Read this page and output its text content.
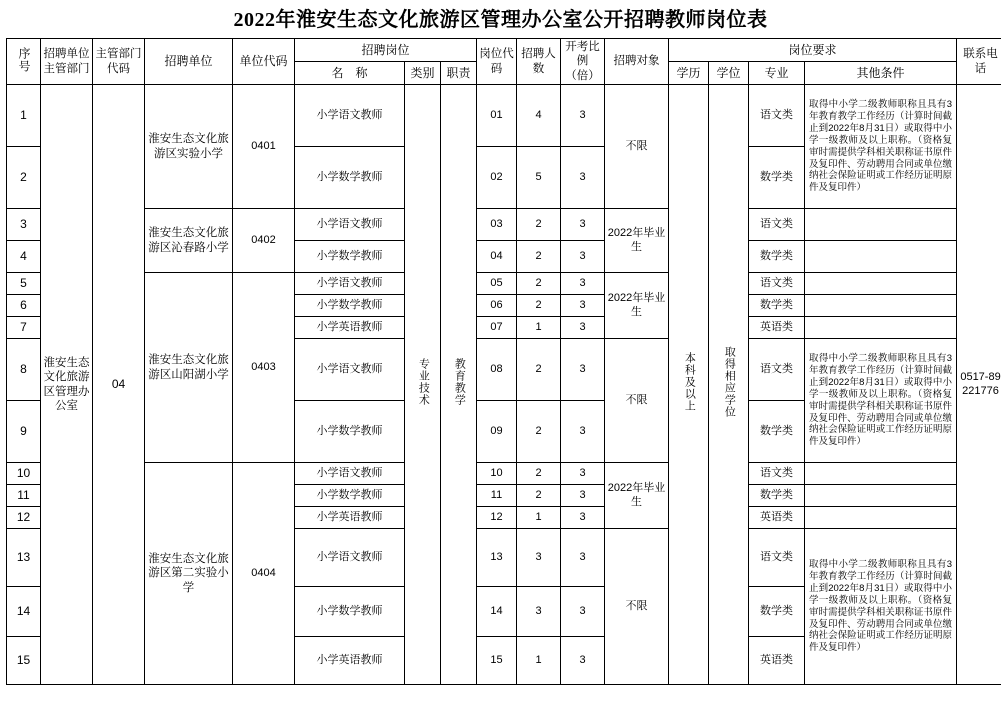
2022年淮安生态文化旅游区管理办公室公开招聘教师岗位表
序号	招聘单位主管部门	主管部门代码	招聘单位	单位代码	招聘岗位			岗位代码	招聘人数	开考比例（倍）	招聘对象	岗位要求				联系电话
					名　称	类别	职责					学历	学位	专业	其他条件	
1	淮安生态文化旅游区管理办公室	04	淮安生态文化旅游区实验小学	0401	小学语文教师	专业技术	教育教学	01	4	3	不限	本科及以上	取得相应学位	语文类	取得中小学二级教师职称且具有3年教育教学工作经历（计算时间截止到2022年8月31日）或取得中小学一级教师及以上职称。（资格复审时需提供学科相关职称证书原件及复印件、劳动聘用合同或单位缴纳社会保险证明或工作经历证明原件及复印件）	0517-89221776
2					小学数学教师			02	5	3				数学类		
3			淮安生态文化旅游区沁春路小学	0402	小学语文教师			03	2	3	2022年毕业生			语文类		
4					小学数学教师			04	2	3				数学类		
5			淮安生态文化旅游区山阳湖小学	0403	小学语文教师			05	2	3	2022年毕业生			语文类		
6					小学数学教师			06	2	3				数学类		
7					小学英语教师			07	1	3				英语类		
8					小学语文教师			08	2	3	不限			语文类	取得中小学二级教师职称且具有3年教育教学工作经历（计算时间截止到2022年8月31日）或取得中小学一级教师及以上职称。（资格复审时需提供学科相关职称证书原件及复印件、劳动聘用合同或单位缴纳社会保险证明或工作经历证明原件及复印件）	

9					小学数学教师			09	2	3				数学类		
10			淮安生态文化旅游区第二实验小学	0404	小学语文教师			10	2	3	2022年毕业生			语文类		
11					小学数学教师			11	2	3				数学类		
12					小学英语教师			12	1	3				英语类		
13					小学语文教师			13	3	3	不限			语文类	取得中小学二级教师职称且具有3年教育教学工作经历（计算时间截止到2022年8月31日）或取得中小学一级教师及以上职称。（资格复审时需提供学科相关职称证书原件及复印件、劳动聘用合同或单位缴纳社会保险证明或工作经历证明原件及复印件）	

14					小学数学教师			14	3	3				数学类		
15					小学英语教师			15	1	3				英语类		
